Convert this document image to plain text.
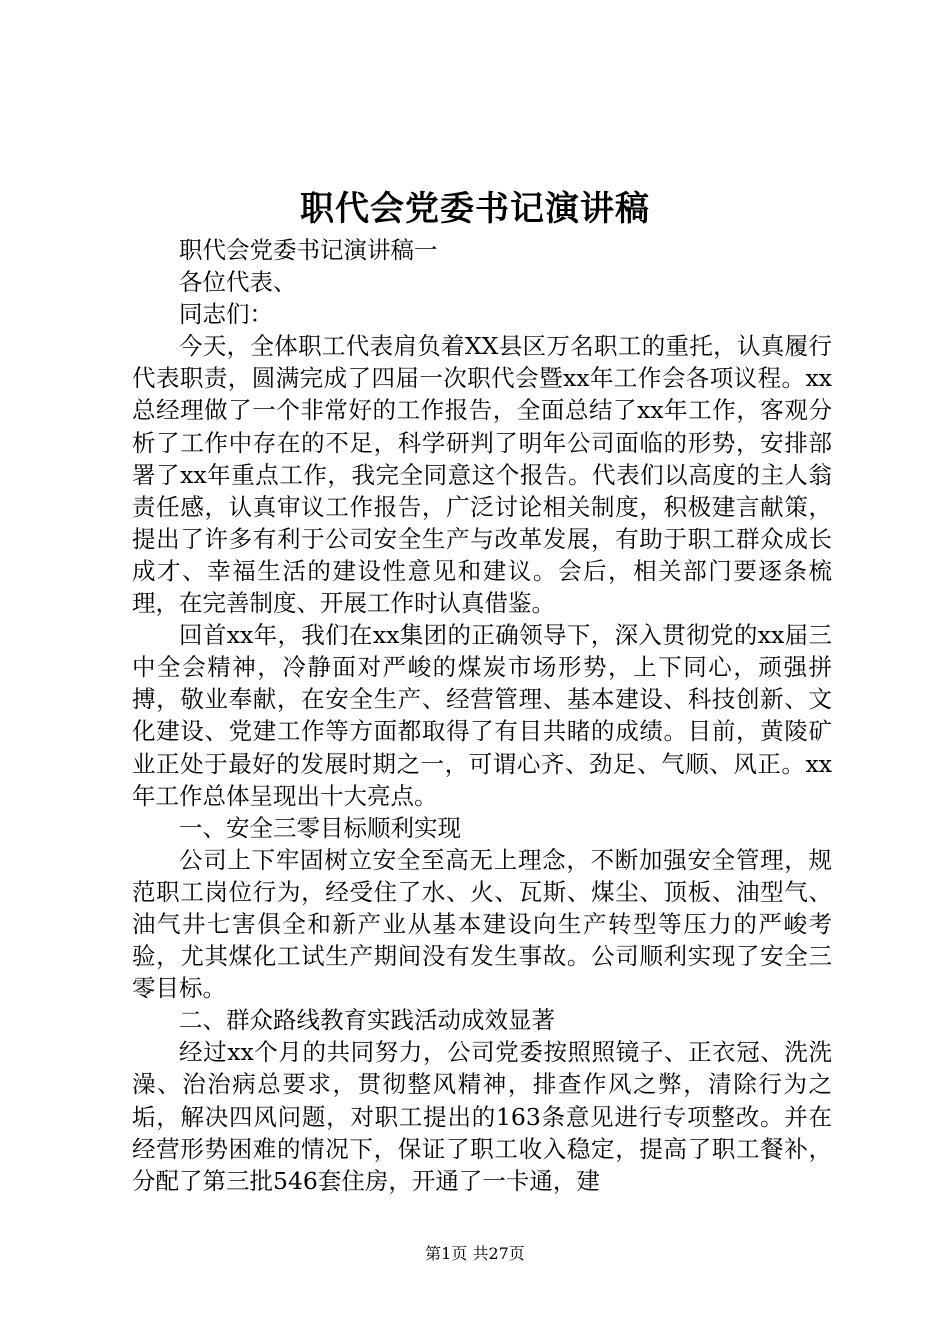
职代会党委书记演讲稿

职代会党委书记演讲稿一

各位代表、

同志们：

今天，全体职工代表肩负着XX县区万名职工的重托，认真履行代表职责，圆满完成了四届一次职代会暨xx年工作会各项议程。xx总经理做了一个非常好的工作报告，全面总结了xx年工作，客观分析了工作中存在的不足，科学研判了明年公司面临的形势，安排部署了xx年重点工作，我完全同意这个报告。代表们以高度的主人翁责任感，认真审议工作报告，广泛讨论相关制度，积极建言献策，提出了许多有利于公司安全生产与改革发展，有助于职工群众成长成才、幸福生活的建设性意见和建议。会后，相关部门要逐条梳理，在完善制度、开展工作时认真借鉴。

回首xx年，我们在xx集团的正确领导下，深入贯彻党的xx届三中全会精神，冷静面对严峻的煤炭市场形势，上下同心，顽强拼搏，敬业奉献，在安全生产、经营管理、基本建设、科技创新、文化建设、党建工作等方面都取得了有目共睹的成绩。目前，黄陵矿业正处于最好的发展时期之一，可谓心齐、劲足、气顺、风正。xx年工作总体呈现出十大亮点。

一、安全三零目标顺利实现

公司上下牢固树立安全至高无上理念，不断加强安全管理，规范职工岗位行为，经受住了水、火、瓦斯、煤尘、顶板、油型气、油气井七害俱全和新产业从基本建设向生产转型等压力的严峻考验，尤其煤化工试生产期间没有发生事故。公司顺利实现了安全三零目标。

二、群众路线教育实践活动成效显著

经过xx个月的共同努力，公司党委按照照镜子、正衣冠、洗洗澡、治治病总要求，贯彻整风精神，排查作风之弊，清除行为之垢，解决四风问题，对职工提出的163条意见进行专项整改。并在经营形势困难的情况下，保证了职工收入稳定，提高了职工餐补，分配了第三批546套住房，开通了一卡通，建

第1页 共27页
